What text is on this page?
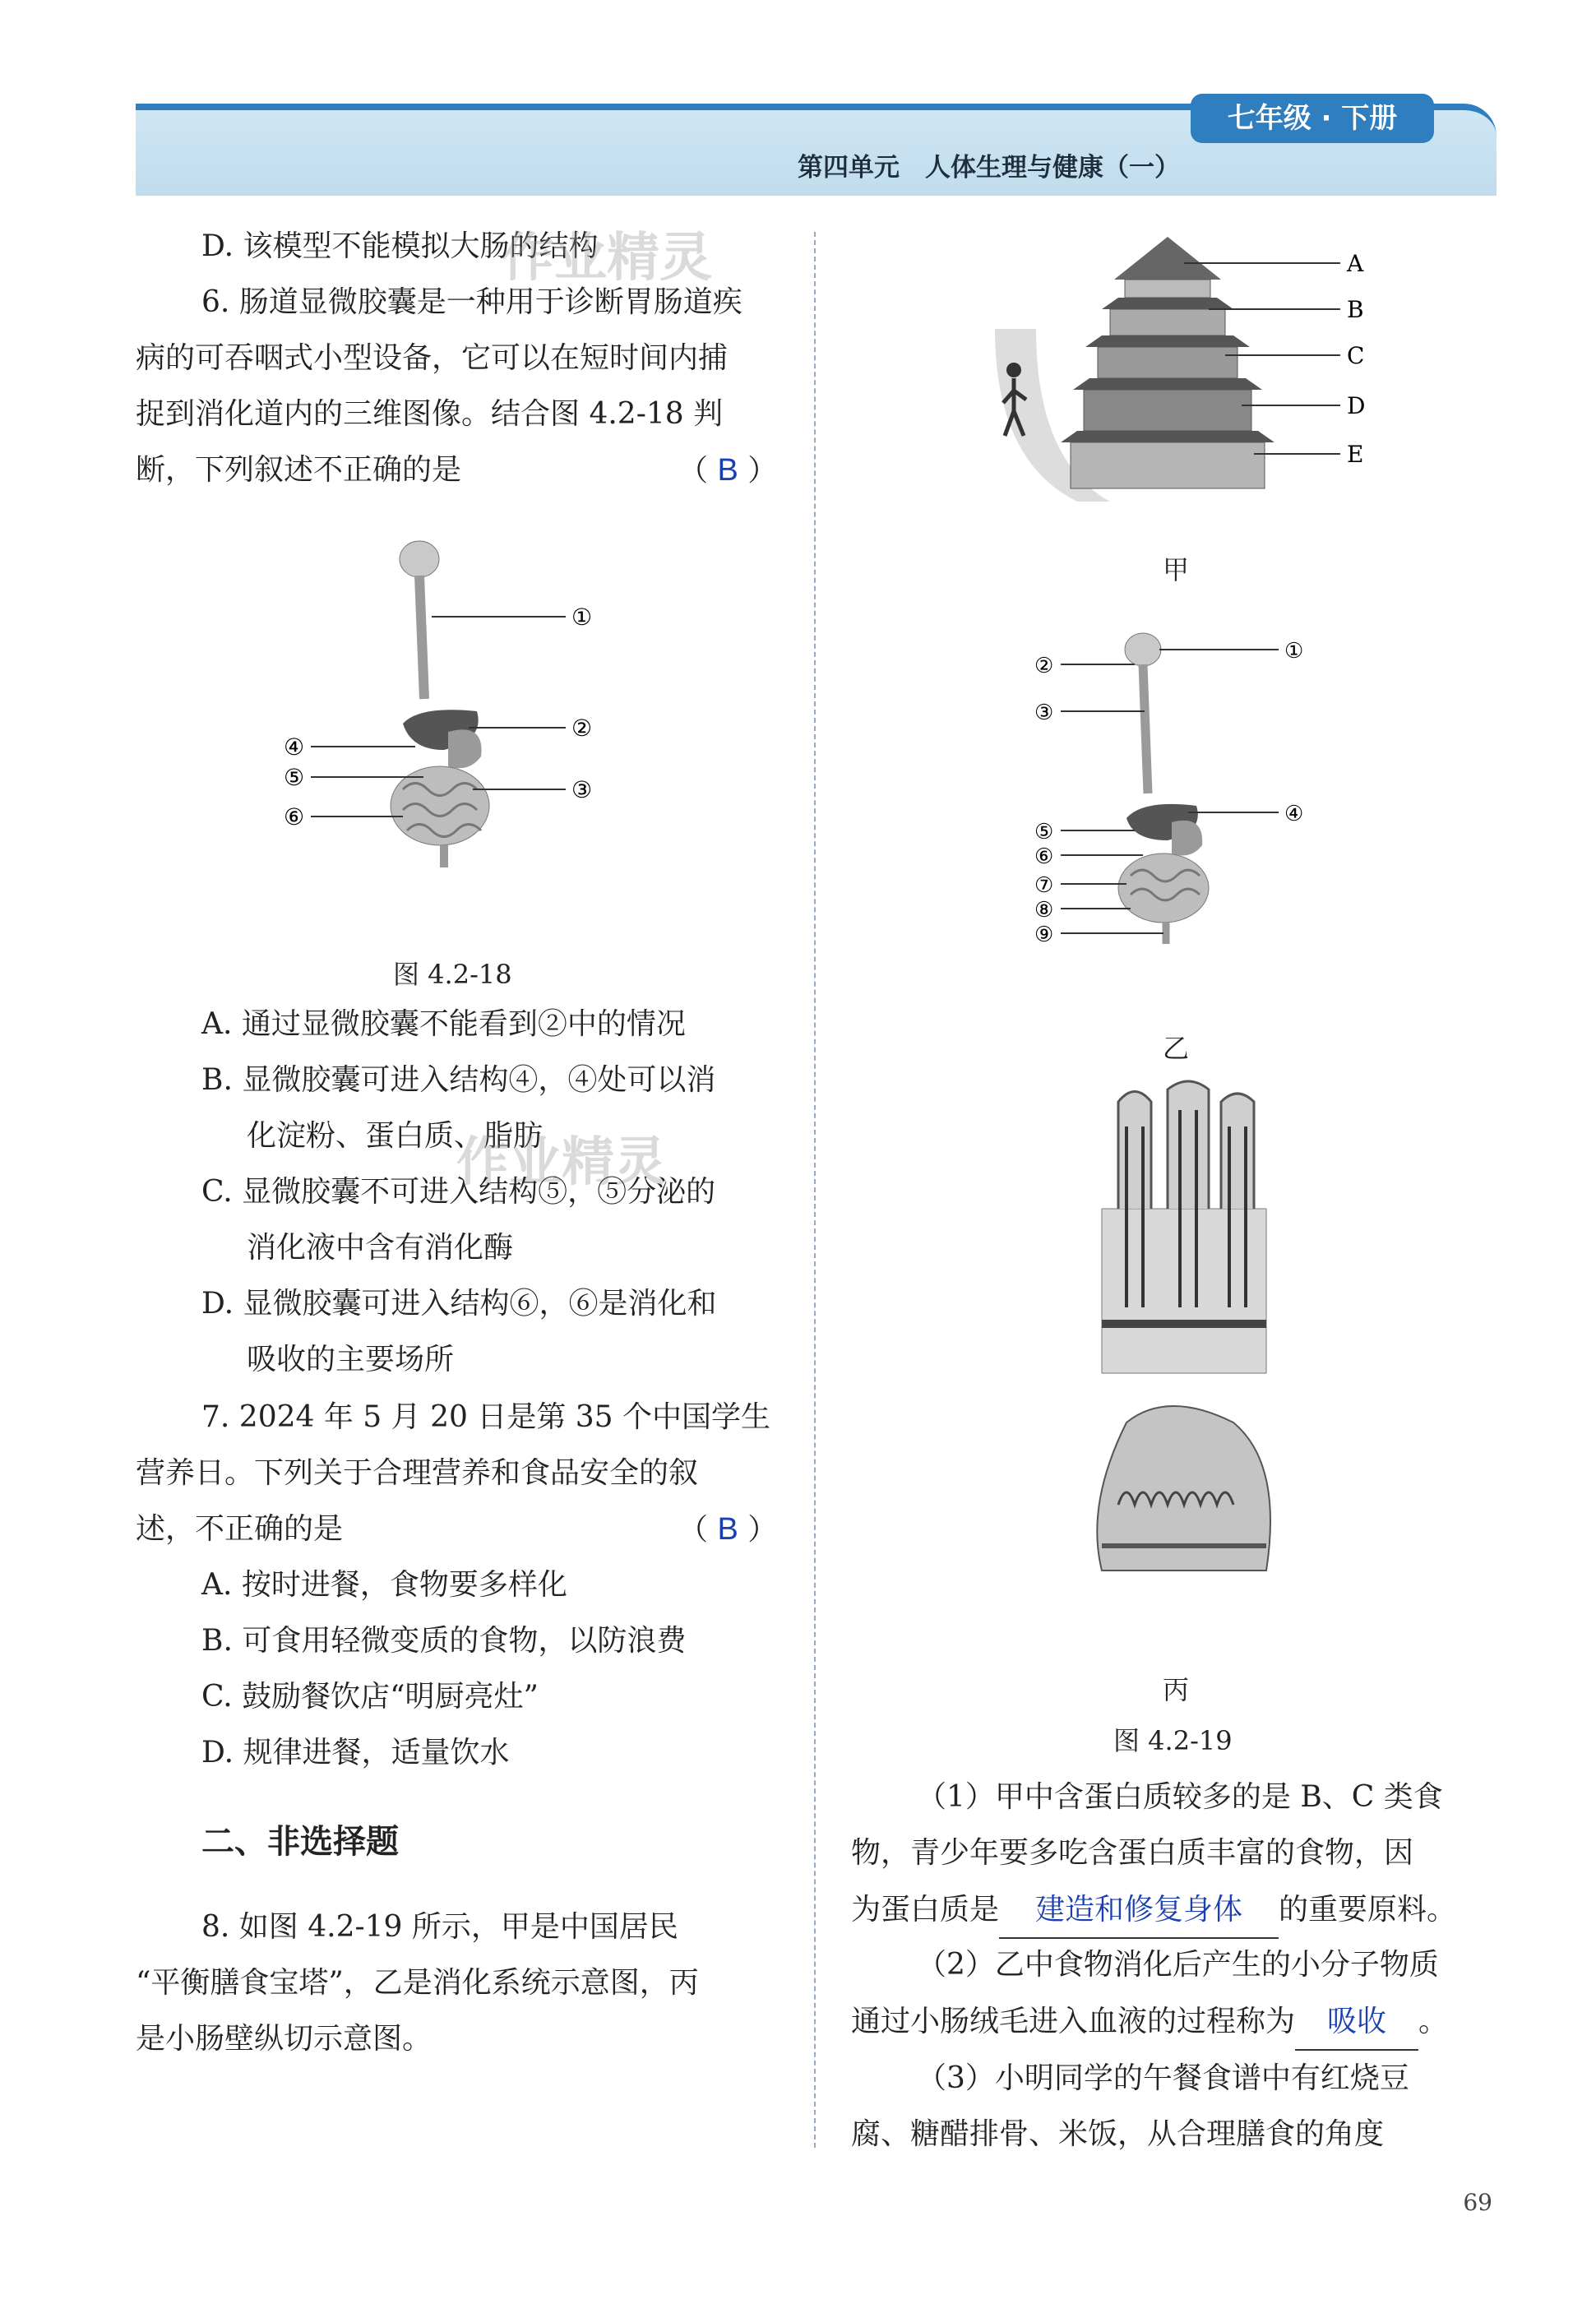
七年级 · 下册
第四单元　人体生理与健康（一）
D. 该模型不能模拟大肠的结构
作业精灵
6. 肠道显微胶囊是一种用于诊断胃肠道疾
病的可吞咽式小型设备，它可以在短时间内捕
捉到消化道内的三维图像。结合图 4.2-18 判
断，下列叙述不正确的是	（ B ）
①
②
③
④
⑤
⑥
图 4.2-18
A. 通过显微胶囊不能看到②中的情况
B. 显微胶囊可进入结构④，④处可以消
化淀粉、蛋白质、脂肪
作业精灵
C. 显微胶囊不可进入结构⑤，⑤分泌的
消化液中含有消化酶
D. 显微胶囊可进入结构⑥，⑥是消化和
吸收的主要场所
7. 2024 年 5 月 20 日是第 35 个中国学生
营养日。下列关于合理营养和食品安全的叙
述，不正确的是	（ B ）
A. 按时进餐，食物要多样化
B. 可食用轻微变质的食物，以防浪费
C. 鼓励餐饮店“明厨亮灶”
D. 规律进餐，适量饮水
二、非选择题
8. 如图 4.2-19 所示，甲是中国居民
“平衡膳食宝塔”，乙是消化系统示意图，丙
是小肠壁纵切示意图。
A
B
C
D
E
甲
①
②
③
④
⑤
⑥
⑦
⑧
⑨
乙
丙
图 4.2-19
（1）甲中含蛋白质较多的是 B、C 类食
物，青少年要多吃含蛋白质丰富的食物，因
为蛋白质是 建造和修复身体 的重要原料。
（2）乙中食物消化后产生的小分子物质
通过小肠绒毛进入血液的过程称为 吸收 。
（3）小明同学的午餐食谱中有红烧豆
腐、糖醋排骨、米饭，从合理膳食的角度
69
